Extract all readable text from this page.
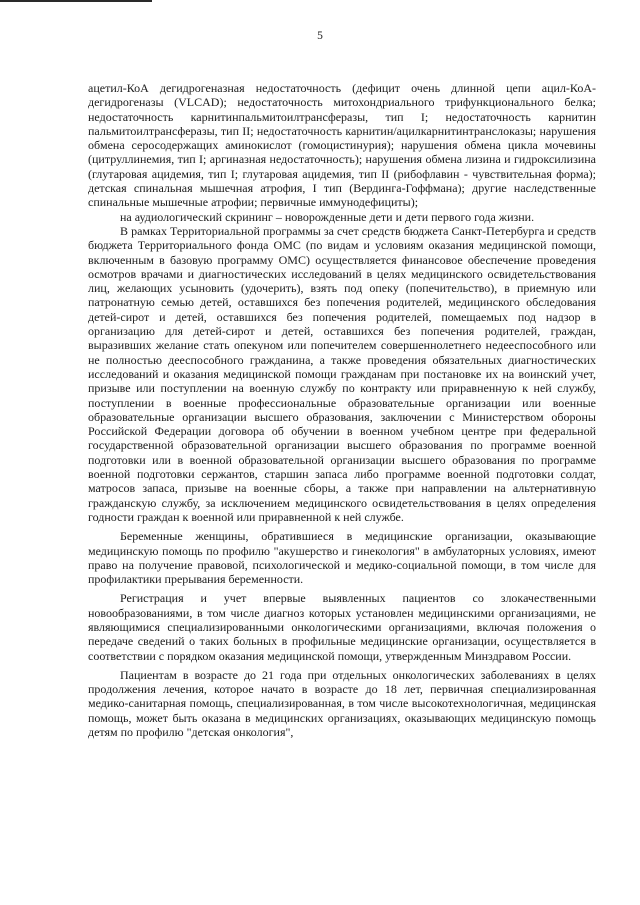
5

ацетил-КоА дегидрогеназная недостаточность (дефицит очень длинной цепи ацил-КоА-дегидрогеназы (VLCAD); недостаточность митохондриального трифункционального белка; недостаточность карнитинпальмитоилтрансферазы, тип I; недостаточность карнитин пальмитоилтрансферазы, тип II; недостаточность карнитин/ацилкарнитинтранслоказы; нарушения обмена серосодержащих аминокислот (гомоцистинурия); нарушения обмена цикла мочевины (цитруллинемия, тип I; аргиназная недостаточность); нарушения обмена лизина и гидроксилизина (глутаровая ацидемия, тип I; глутаровая ацидемия, тип II (рибофлавин - чувствительная форма); детская спинальная мышечная атрофия, I тип (Вердинга-Гоффмана); другие наследственные спинальные мышечные атрофии; первичные иммунодефициты);

на аудиологический скрининг – новорожденные дети и дети первого года жизни.

В рамках Территориальной программы за счет средств бюджета Санкт-Петербурга и средств бюджета Территориального фонда ОМС (по видам и условиям оказания медицинской помощи, включенным в базовую программу ОМС) осуществляется финансовое обеспечение проведения осмотров врачами и диагностических исследований в целях медицинского освидетельствования лиц, желающих усыновить (удочерить), взять под опеку (попечительство), в приемную или патронатную семью детей, оставшихся без попечения родителей, медицинского обследования детей-сирот и детей, оставшихся без попечения родителей, помещаемых под надзор в организацию для детей-сирот и детей, оставшихся без попечения родителей, граждан, выразивших желание стать опекуном или попечителем совершеннолетнего недееспособного или не полностью дееспособного гражданина, а также проведения обязательных диагностических исследований и оказания медицинской помощи гражданам при постановке их на воинский учет, призыве или поступлении на военную службу по контракту или приравненную к ней службу, поступлении в военные профессиональные образовательные организации или военные образовательные организации высшего образования, заключении с Министерством обороны Российской Федерации договора об обучении в военном учебном центре при федеральной государственной образовательной организации высшего образования по программе военной подготовки или в военной образовательной организации высшего образования по программе военной подготовки сержантов, старшин запаса либо программе военной подготовки солдат, матросов запаса, призыве на военные сборы, а также при направлении на альтернативную гражданскую службу, за исключением медицинского освидетельствования в целях определения годности граждан к военной или приравненной к ней службе.

Беременные женщины, обратившиеся в медицинские организации, оказывающие медицинскую помощь по профилю "акушерство и гинекология" в амбулаторных условиях, имеют право на получение правовой, психологической и медико-социальной помощи, в том числе для профилактики прерывания беременности.

Регистрация и учет впервые выявленных пациентов со злокачественными новообразованиями, в том числе диагноз которых установлен медицинскими организациями, не являющимися специализированными онкологическими организациями, включая положения о передаче сведений о таких больных в профильные медицинские организации, осуществляется в соответствии с порядком оказания медицинской помощи, утвержденным Минздравом России.

Пациентам в возрасте до 21 года при отдельных онкологических заболеваниях в целях продолжения лечения, которое начато в возрасте до 18 лет, первичная специализированная медико-санитарная помощь, специализированная, в том числе высокотехнологичная, медицинская помощь, может быть оказана в медицинских организациях, оказывающих медицинскую помощь детям по профилю "детская онкология",
